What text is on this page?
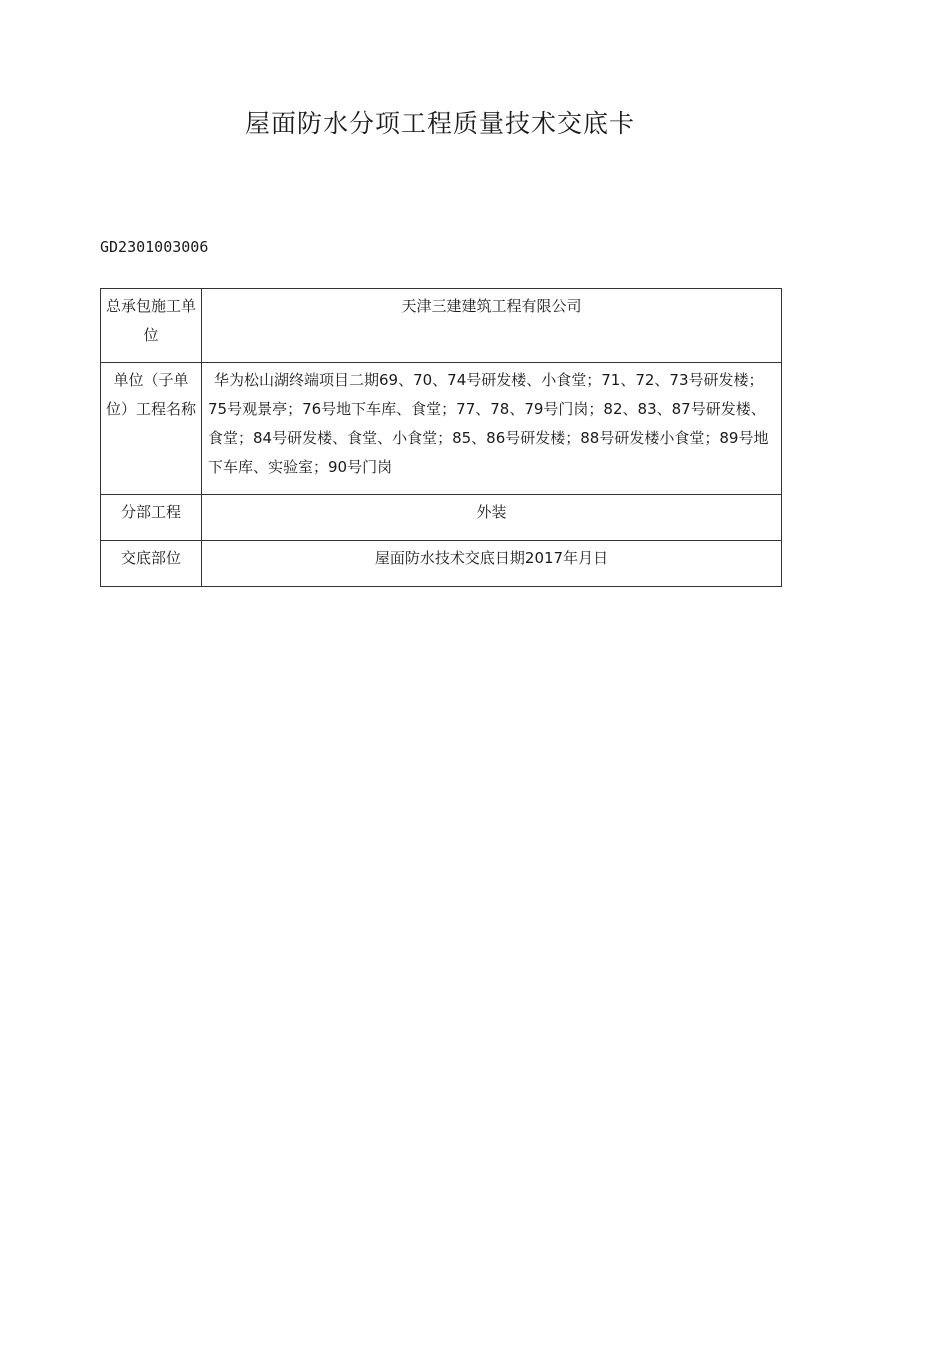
屋面防水分项工程质量技术交底卡
GD2301003006
总承包施工单位	天津三建建筑工程有限公司
单位（子单位）工程名称	华为松山湖终端项目二期69、70、74号研发楼、小食堂；71、72、73号研发楼；75号观景亭；76号地下车库、食堂；77、78、79号门岗；82、83、87号研发楼、食堂；84号研发楼、食堂、小食堂；85、86号研发楼；88号研发楼小食堂；89号地下车库、实验室；90号门岗
分部工程	外装
交底部位	屋面防水技术交底日期2017年月日
